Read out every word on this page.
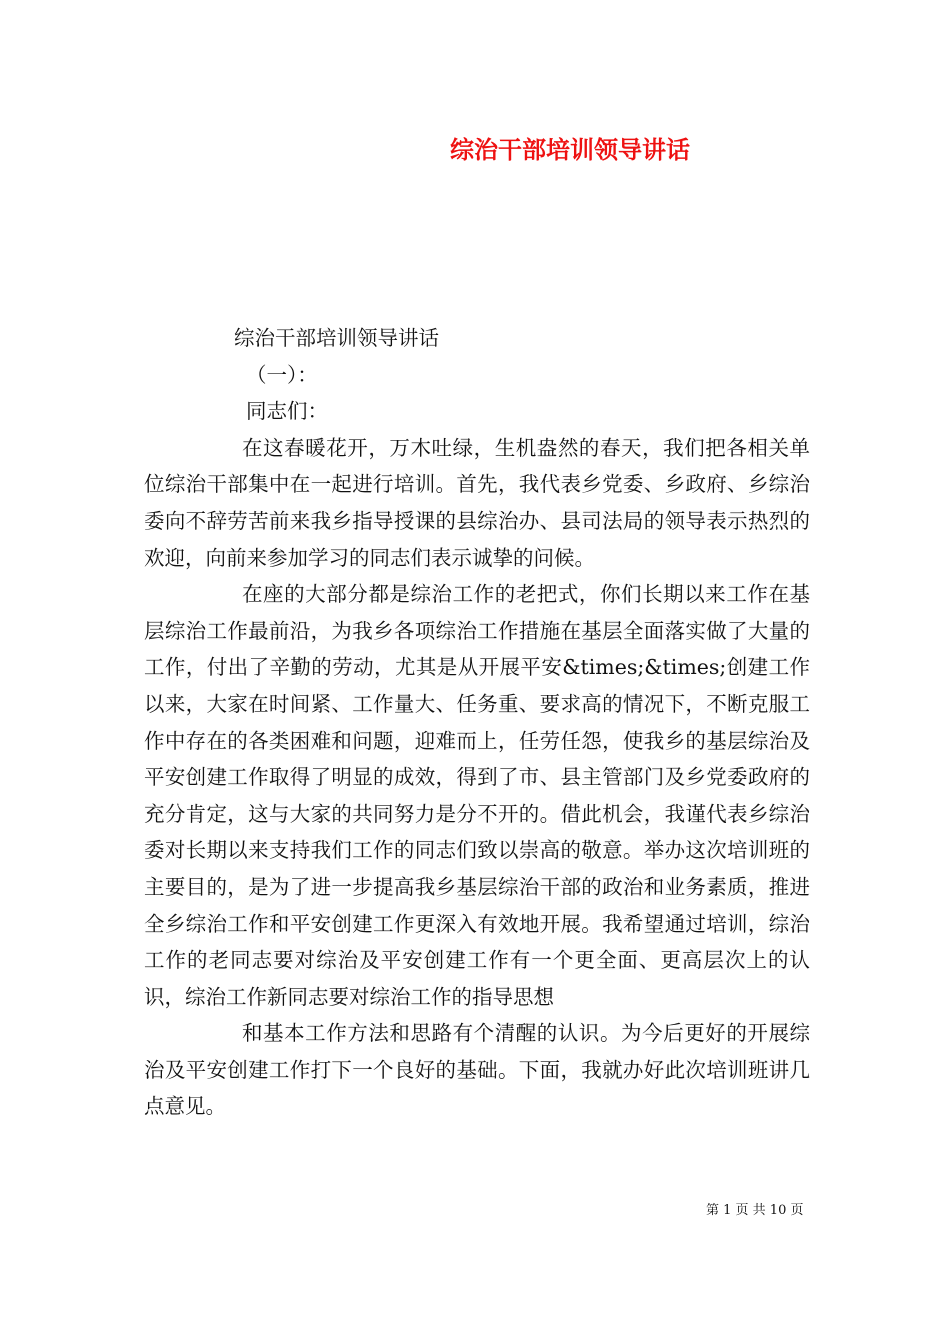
综治干部培训领导讲话

综治干部培训领导讲话

（一）：

同志们：

在这春暖花开，万木吐绿，生机盎然的春天，我们把各相关单位综治干部集中在一起进行培训。首先，我代表乡党委、乡政府、乡综治委向不辞劳苦前来我乡指导授课的县综治办、县司法局的领导表示热烈的欢迎，向前来参加学习的同志们表示诚挚的问候。

在座的大部分都是综治工作的老把式，你们长期以来工作在基层综治工作最前沿，为我乡各项综治工作措施在基层全面落实做了大量的工作，付出了辛勤的劳动，尤其是从开展平安&times;&times;创建工作以来，大家在时间紧、工作量大、任务重、要求高的情况下，不断克服工作中存在的各类困难和问题，迎难而上，任劳任怨，使我乡的基层综治及平安创建工作取得了明显的成效，得到了市、县主管部门及乡党委政府的充分肯定，这与大家的共同努力是分不开的。借此机会，我谨代表乡综治委对长期以来支持我们工作的同志们致以崇高的敬意。举办这次培训班的主要目的，是为了进一步提高我乡基层综治干部的政治和业务素质，推进全乡综治工作和平安创建工作更深入有效地开展。我希望通过培训，综治工作的老同志要对综治及平安创建工作有一个更全面、更高层次上的认识，综治工作新同志要对综治工作的指导思想

和基本工作方法和思路有个清醒的认识。为今后更好的开展综治及平安创建工作打下一个良好的基础。下面，我就办好此次培训班讲几点意见。

第 1 页 共 10 页
